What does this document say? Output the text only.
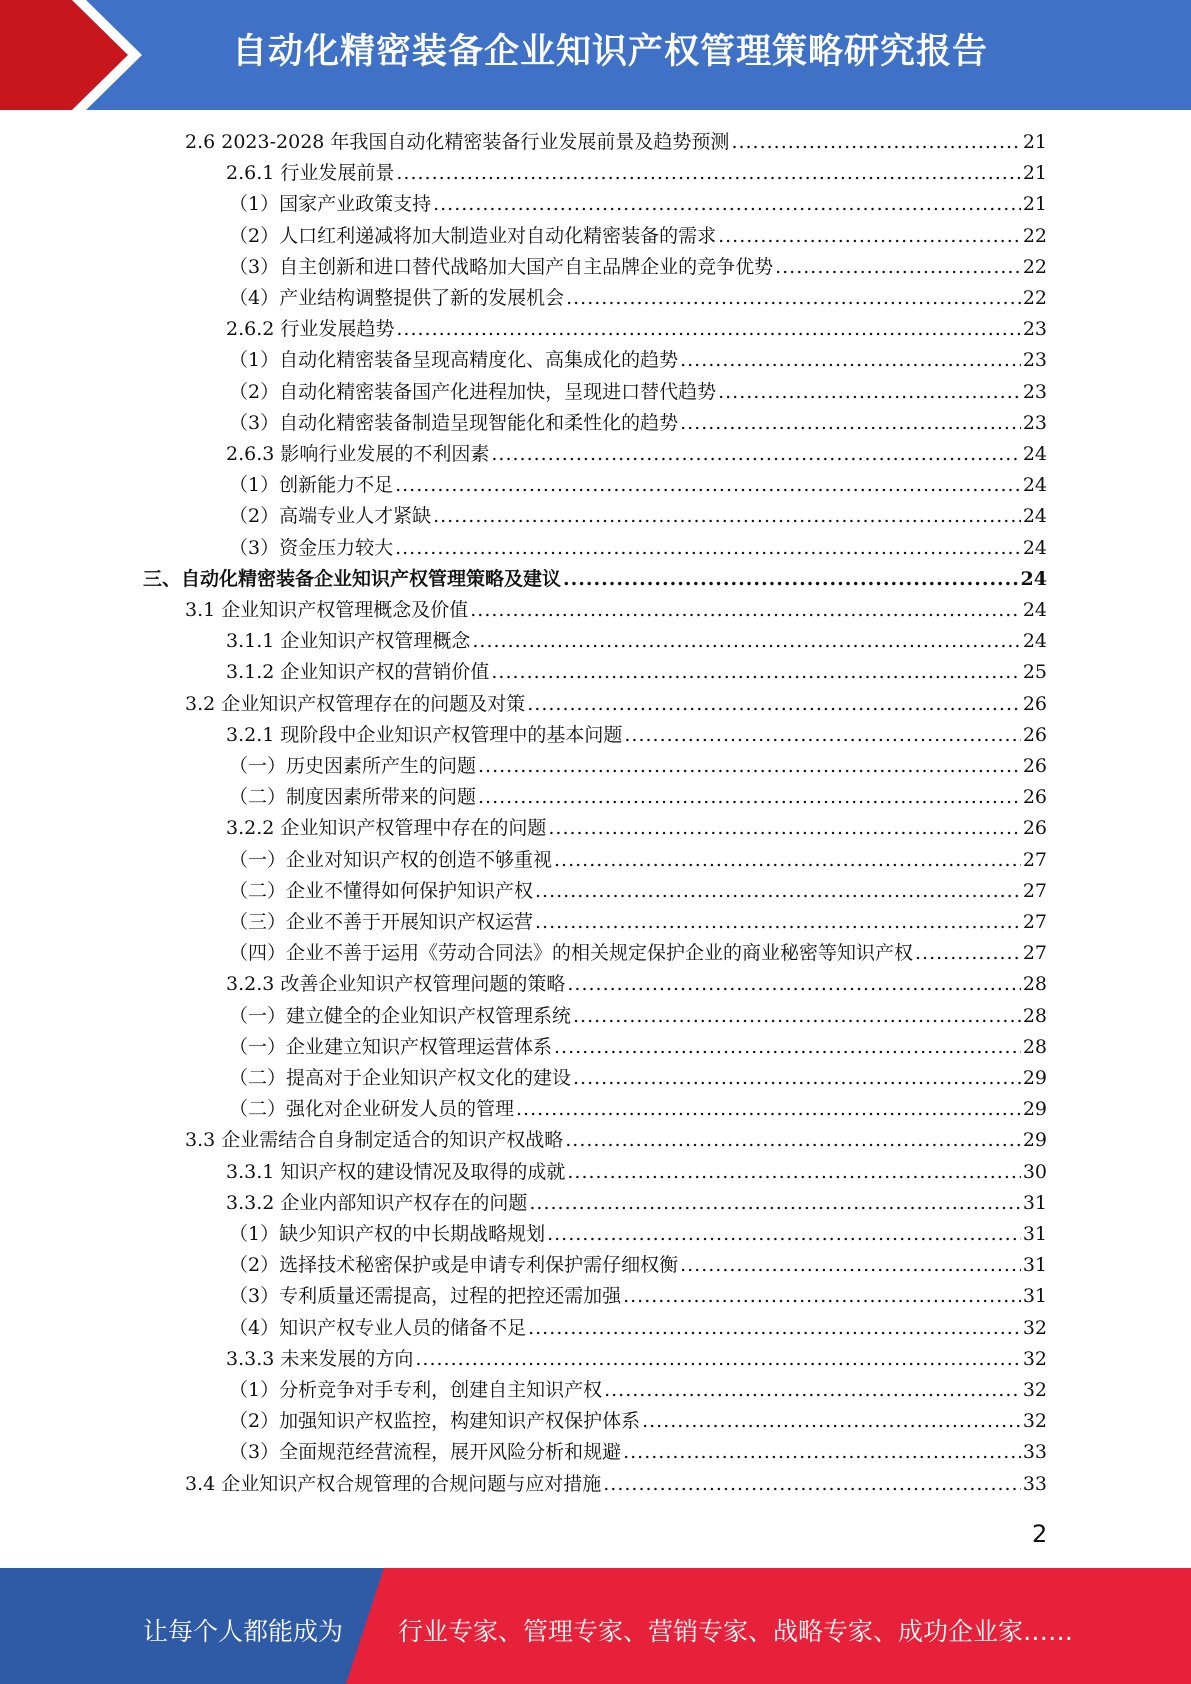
自动化精密装备企业知识产权管理策略研究报告
2.6 2023-2028 年我国自动化精密装备行业发展前景及趋势预测 .....	21
2.6.1 行业发展前景 .....	21
（1）国家产业政策支持 .....	21
（2）人口红利递减将加大制造业对自动化精密装备的需求 .....	22
（3）自主创新和进口替代战略加大国产自主品牌企业的竞争优势 .....	22
（4）产业结构调整提供了新的发展机会 .....	22
2.6.2 行业发展趋势 .....	23
（1）自动化精密装备呈现高精度化、高集成化的趋势 .....	23
（2）自动化精密装备国产化进程加快，呈现进口替代趋势 .....	23
（3）自动化精密装备制造呈现智能化和柔性化的趋势 .....	23
2.6.3 影响行业发展的不利因素 .....	24
（1）创新能力不足 .....	24
（2）高端专业人才紧缺 .....	24
（3）资金压力较大 .....	24
三、自动化精密装备企业知识产权管理策略及建议 .....	24
3.1 企业知识产权管理概念及价值 .....	24
3.1.1 企业知识产权管理概念 .....	24
3.1.2 企业知识产权的营销价值 .....	25
3.2 企业知识产权管理存在的问题及对策 .....	26
3.2.1 现阶段中企业知识产权管理中的基本问题 .....	26
（一）历史因素所产生的问题 .....	26
（二）制度因素所带来的问题 .....	26
3.2.2 企业知识产权管理中存在的问题 .....	26
（一）企业对知识产权的创造不够重视 .....	27
（二）企业不懂得如何保护知识产权 .....	27
（三）企业不善于开展知识产权运营 .....	27
（四）企业不善于运用《劳动合同法》的相关规定保护企业的商业秘密等知识产权 .....	27
3.2.3 改善企业知识产权管理问题的策略 .....	28
（一）建立健全的企业知识产权管理系统 .....	28
（一）企业建立知识产权管理运营体系 .....	28
（二）提高对于企业知识产权文化的建设 .....	29
（二）强化对企业研发人员的管理 .....	29
3.3 企业需结合自身制定适合的知识产权战略 .....	29
3.3.1 知识产权的建设情况及取得的成就 .....	30
3.3.2 企业内部知识产权存在的问题 .....	31
（1）缺少知识产权的中长期战略规划 .....	31
（2）选择技术秘密保护或是申请专利保护需仔细权衡 .....	31
（3）专利质量还需提高，过程的把控还需加强 .....	31
（4）知识产权专业人员的储备不足 .....	32
3.3.3 未来发展的方向 .....	32
（1）分析竞争对手专利，创建自主知识产权 .....	32
（2）加强知识产权监控，构建知识产权保护体系 .....	32
（3）全面规范经营流程，展开风险分析和规避 .....	33
3.4 企业知识产权合规管理的合规问题与应对措施 .....	33
2
让每个人都能成为 行业专家、管理专家、营销专家、战略专家、成功企业家……
